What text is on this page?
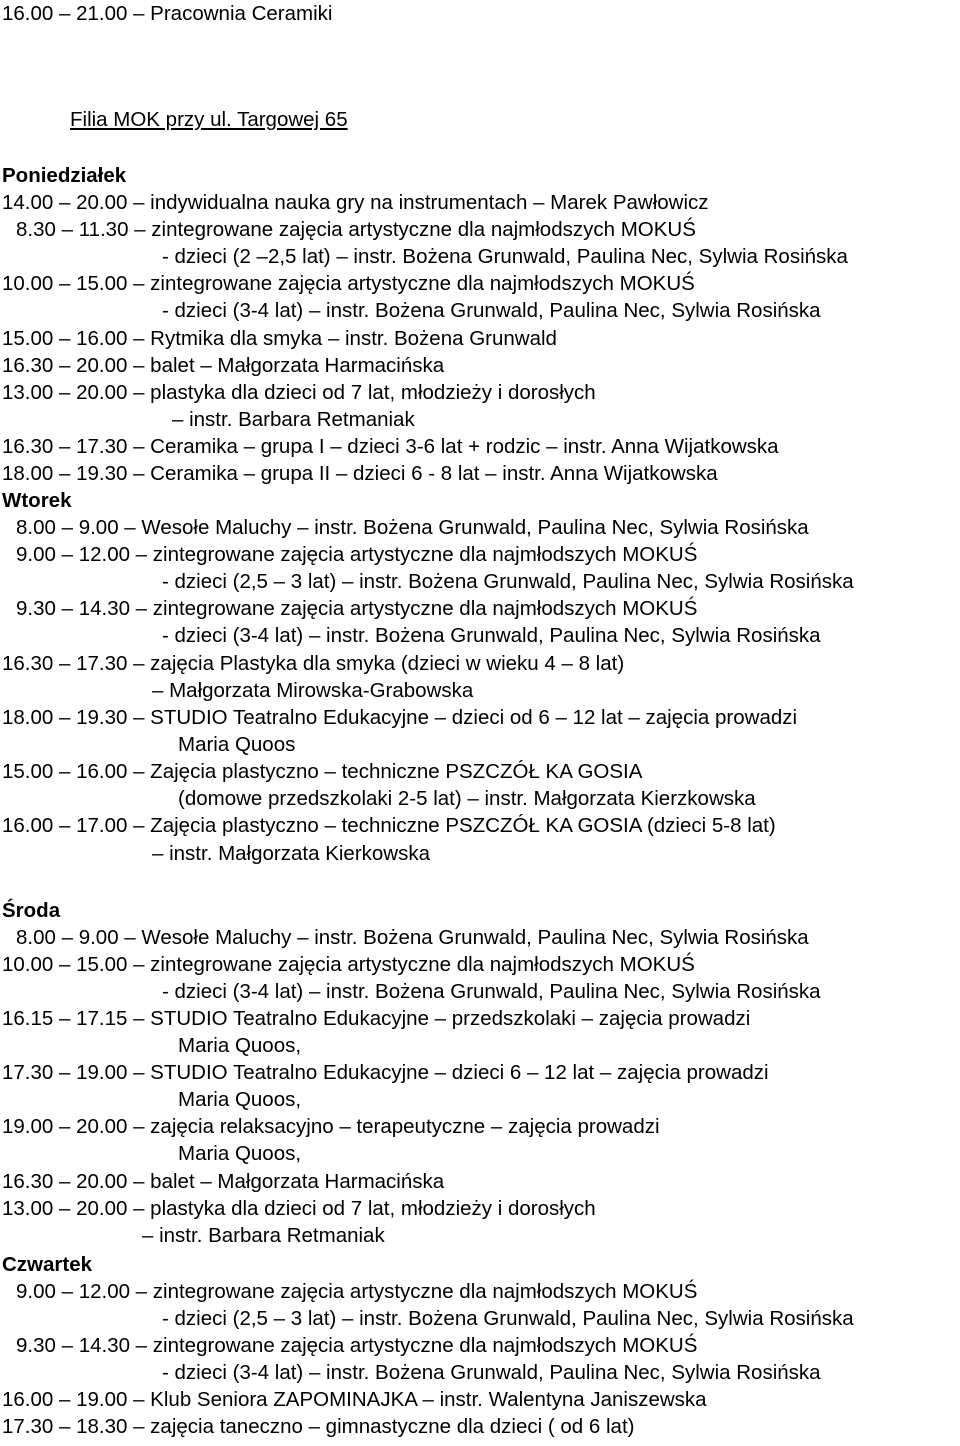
16.00 – 21.00 – Pracownia Ceramiki
Filia MOK przy ul. Targowej 65
Poniedziałek
14.00 – 20.00 – indywidualna nauka gry na instrumentach – Marek Pawłowicz
8.30 – 11.30 – zintegrowane zajęcia artystyczne dla najmłodszych MOKUŚ
- dzieci (2 –2,5 lat) – instr. Bożena Grunwald, Paulina Nec, Sylwia Rosińska
10.00 – 15.00 – zintegrowane zajęcia artystyczne dla najmłodszych MOKUŚ
- dzieci (3-4 lat) – instr. Bożena Grunwald, Paulina Nec, Sylwia Rosińska
15.00 – 16.00 – Rytmika dla smyka – instr. Bożena Grunwald
16.30 – 20.00 – balet – Małgorzata Harmacińska
13.00 – 20.00 – plastyka dla dzieci od 7 lat, młodzieży i dorosłych
– instr. Barbara Retmaniak
16.30 – 17.30 – Ceramika – grupa I – dzieci 3-6 lat + rodzic – instr. Anna Wijatkowska
18.00 – 19.30 – Ceramika – grupa II – dzieci 6 - 8 lat – instr. Anna Wijatkowska
Wtorek
8.00 – 9.00 – Wesołe Maluchy – instr. Bożena Grunwald, Paulina Nec, Sylwia Rosińska
9.00 – 12.00 – zintegrowane zajęcia artystyczne dla najmłodszych MOKUŚ
- dzieci (2,5 – 3 lat) – instr. Bożena Grunwald, Paulina Nec, Sylwia Rosińska
9.30 – 14.30 – zintegrowane zajęcia artystyczne dla najmłodszych MOKUŚ
- dzieci (3-4 lat) – instr. Bożena Grunwald, Paulina Nec, Sylwia Rosińska
16.30 – 17.30 – zajęcia Plastyka dla smyka (dzieci w wieku 4 – 8 lat)
– Małgorzata Mirowska-Grabowska
18.00 – 19.30 – STUDIO Teatralno Edukacyjne – dzieci od 6 – 12 lat – zajęcia prowadzi
Maria Quoos
15.00 – 16.00 – Zajęcia plastyczno – techniczne PSZCZÓŁ KA GOSIA
(domowe przedszkolaki 2-5 lat) – instr. Małgorzata Kierzkowska
16.00 – 17.00 – Zajęcia plastyczno – techniczne PSZCZÓŁ KA GOSIA (dzieci 5-8 lat)
– instr. Małgorzata Kierkowska
Środa
8.00 – 9.00 – Wesołe Maluchy – instr. Bożena Grunwald, Paulina Nec, Sylwia Rosińska
10.00 – 15.00 – zintegrowane zajęcia artystyczne dla najmłodszych MOKUŚ
- dzieci (3-4 lat) – instr. Bożena Grunwald, Paulina Nec, Sylwia Rosińska
16.15 – 17.15 – STUDIO Teatralno Edukacyjne – przedszkolaki – zajęcia prowadzi
Maria Quoos,
17.30 – 19.00 – STUDIO Teatralno Edukacyjne – dzieci 6 – 12 lat – zajęcia prowadzi
Maria Quoos,
19.00 – 20.00 – zajęcia relaksacyjno – terapeutyczne – zajęcia prowadzi
Maria Quoos,
16.30 – 20.00 – balet – Małgorzata Harmacińska
13.00 – 20.00 – plastyka dla dzieci od 7 lat, młodzieży i dorosłych
– instr. Barbara Retmaniak
Czwartek
9.00 – 12.00 – zintegrowane zajęcia artystyczne dla najmłodszych MOKUŚ
- dzieci (2,5 – 3 lat) – instr. Bożena Grunwald, Paulina Nec, Sylwia Rosińska
9.30 – 14.30 – zintegrowane zajęcia artystyczne dla najmłodszych MOKUŚ
- dzieci (3-4 lat) – instr. Bożena Grunwald, Paulina Nec, Sylwia Rosińska
16.00 – 19.00 – Klub Seniora ZAPOMINAJKA – instr. Walentyna Janiszewska
17.30 – 18.30 – zajęcia taneczno – gimnastyczne dla dzieci ( od 6 lat)
